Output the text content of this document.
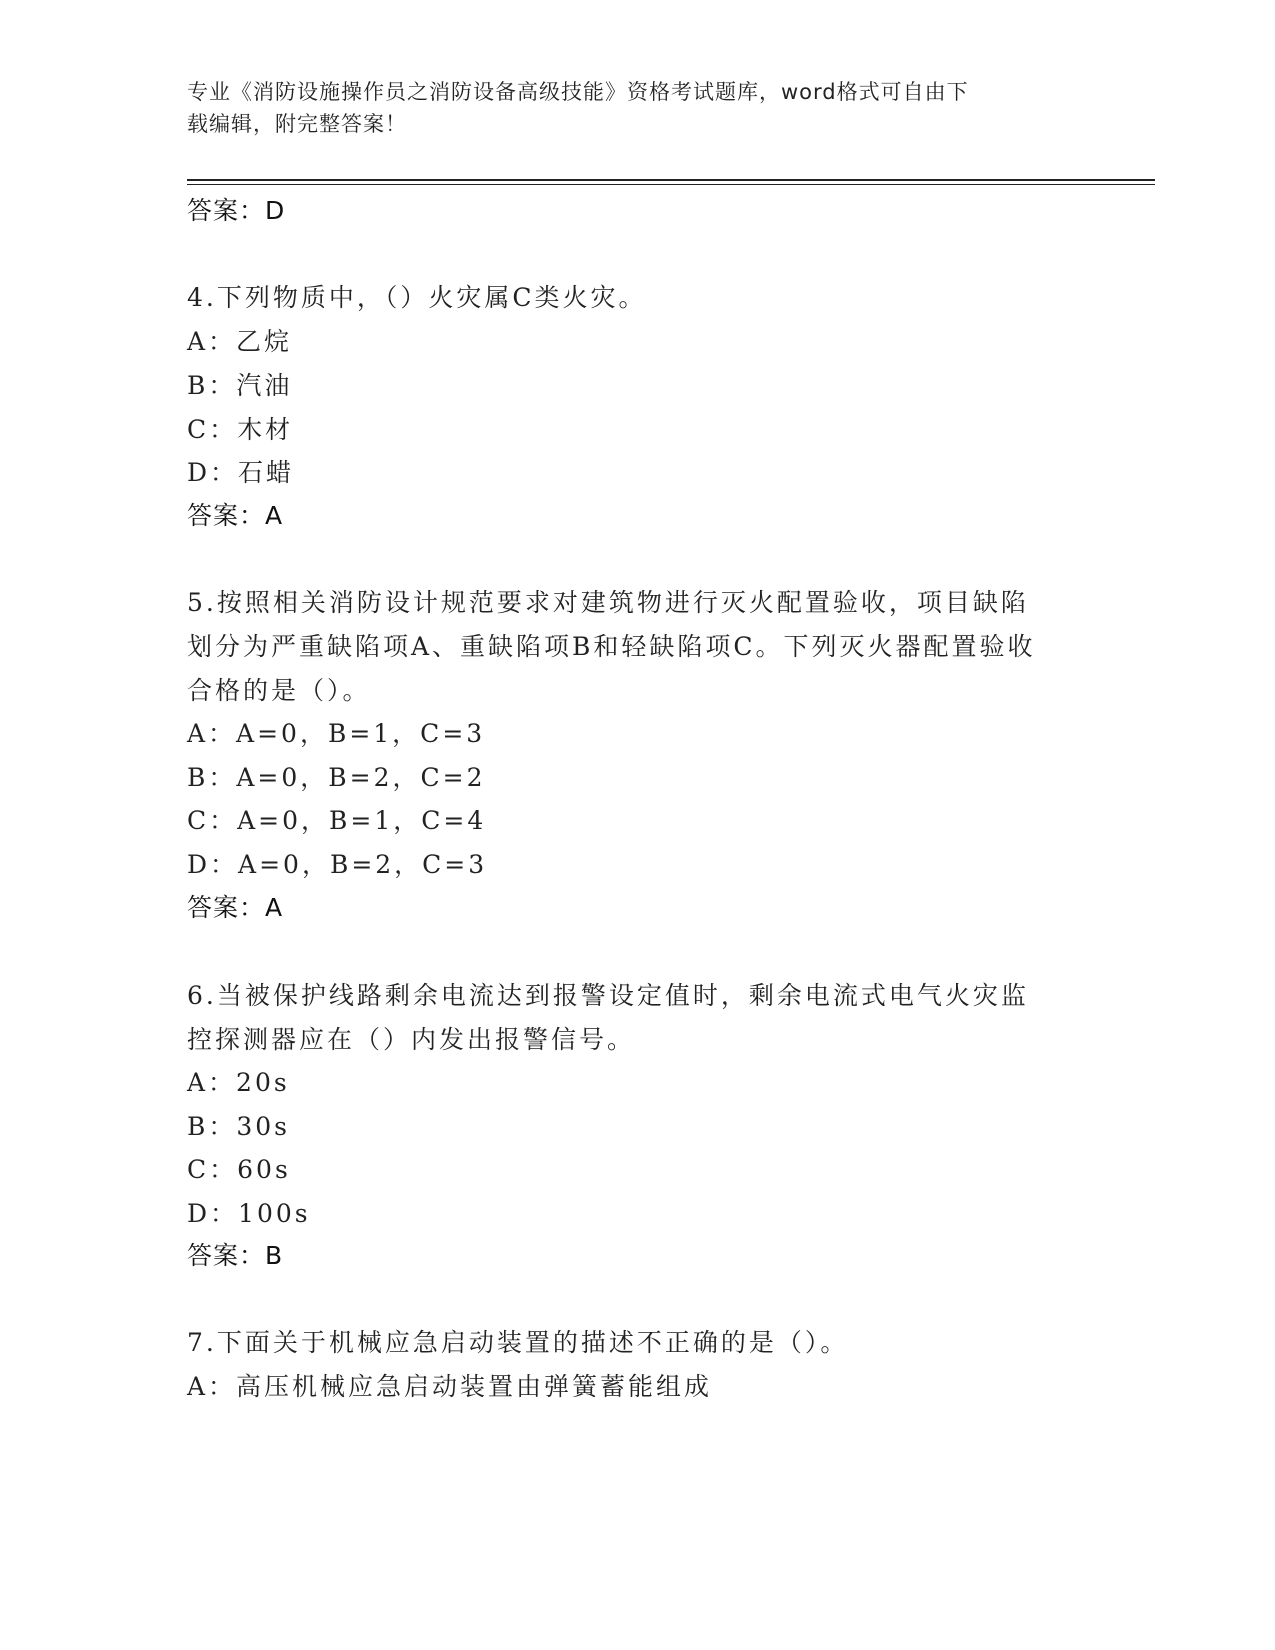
专业《消防设施操作员之消防设备高级技能》资格考试题库，word格式可自由下
载编辑，附完整答案！
答案：D
4.下列物质中，（）火灾属C类火灾。
A：乙烷
B：汽油
C：木材
D：石蜡
答案：A
5.按照相关消防设计规范要求对建筑物进行灭火配置验收，项目缺陷
划分为严重缺陷项A、重缺陷项B和轻缺陷项C。下列灭火器配置验收
合格的是（）。
A：A=0，B=1，C=3
B：A=0，B=2，C=2
C：A=0，B=1，C=4
D：A=0，B=2，C=3
答案：A
6.当被保护线路剩余电流达到报警设定值时，剩余电流式电气火灾监
控探测器应在（）内发出报警信号。
A：20s
B：30s
C：60s
D：100s
答案：B
7.下面关于机械应急启动装置的描述不正确的是（）。
A：高压机械应急启动装置由弹簧蓄能组成
